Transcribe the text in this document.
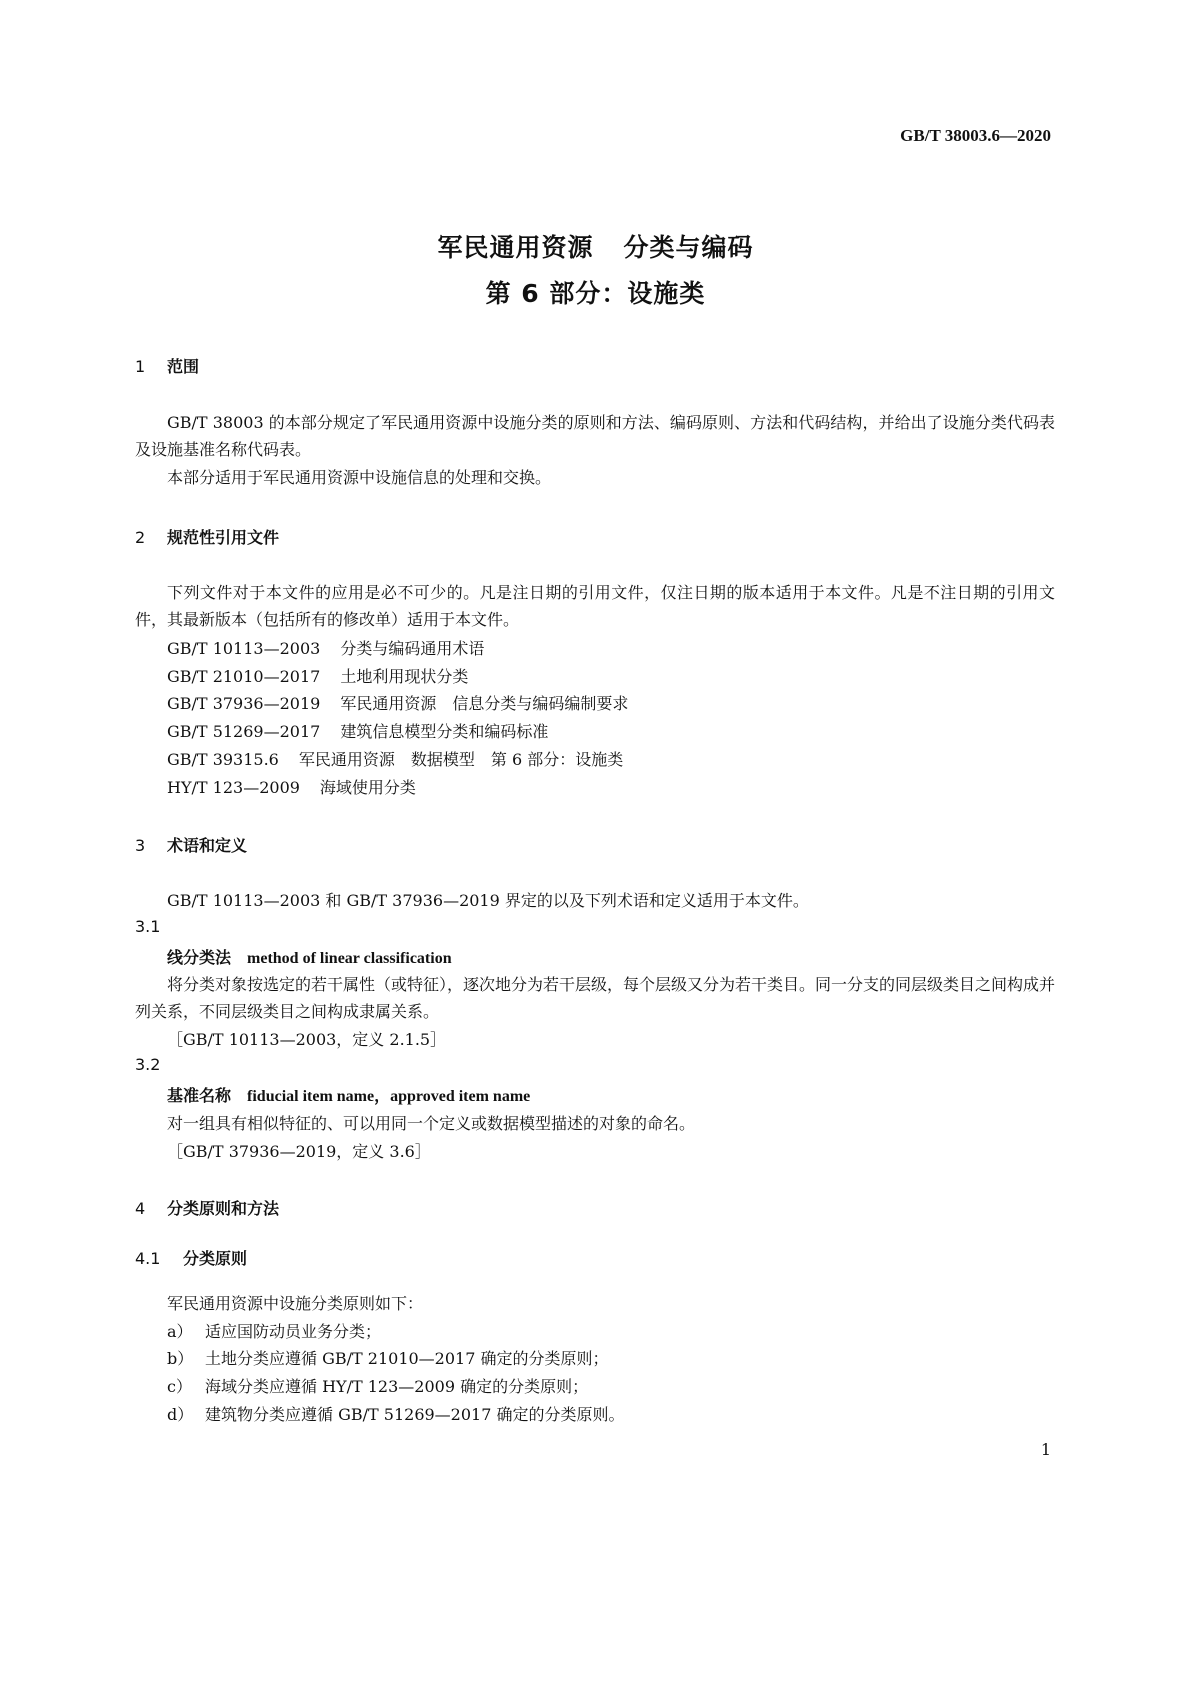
GB/T 38003.6—2020
军民通用资源 分类与编码
第 6 部分：设施类
1 范围
GB/T 38003 的本部分规定了军民通用资源中设施分类的原则和方法、编码原则、方法和代码结构，并给出了设施分类代码表及设施基准名称代码表。
本部分适用于军民通用资源中设施信息的处理和交换。
2 规范性引用文件
下列文件对于本文件的应用是必不可少的。凡是注日期的引用文件，仅注日期的版本适用于本文件。凡是不注日期的引用文件，其最新版本（包括所有的修改单）适用于本文件。
GB/T 10113—2003 分类与编码通用术语
GB/T 21010—2017 土地利用现状分类
GB/T 37936—2019 军民通用资源　信息分类与编码编制要求
GB/T 51269—2017 建筑信息模型分类和编码标准
GB/T 39315.6 军民通用资源　数据模型　第 6 部分：设施类
HY/T 123—2009 海域使用分类
3 术语和定义
GB/T 10113—2003 和 GB/T 37936—2019 界定的以及下列术语和定义适用于本文件。
3.1
线分类法 method of linear classification
将分类对象按选定的若干属性（或特征），逐次地分为若干层级，每个层级又分为若干类目。同一分支的同层级类目之间构成并列关系，不同层级类目之间构成隶属关系。
［GB/T 10113—2003，定义 2.1.5］
3.2
基准名称 fiducial item name，approved item name
对一组具有相似特征的、可以用同一个定义或数据模型描述的对象的命名。
［GB/T 37936—2019，定义 3.6］
4 分类原则和方法
4.1 分类原则
军民通用资源中设施分类原则如下：
a） 适应国防动员业务分类；
b） 土地分类应遵循 GB/T 21010—2017 确定的分类原则；
c） 海域分类应遵循 HY/T 123—2009 确定的分类原则；
d） 建筑物分类应遵循 GB/T 51269—2017 确定的分类原则。
1
